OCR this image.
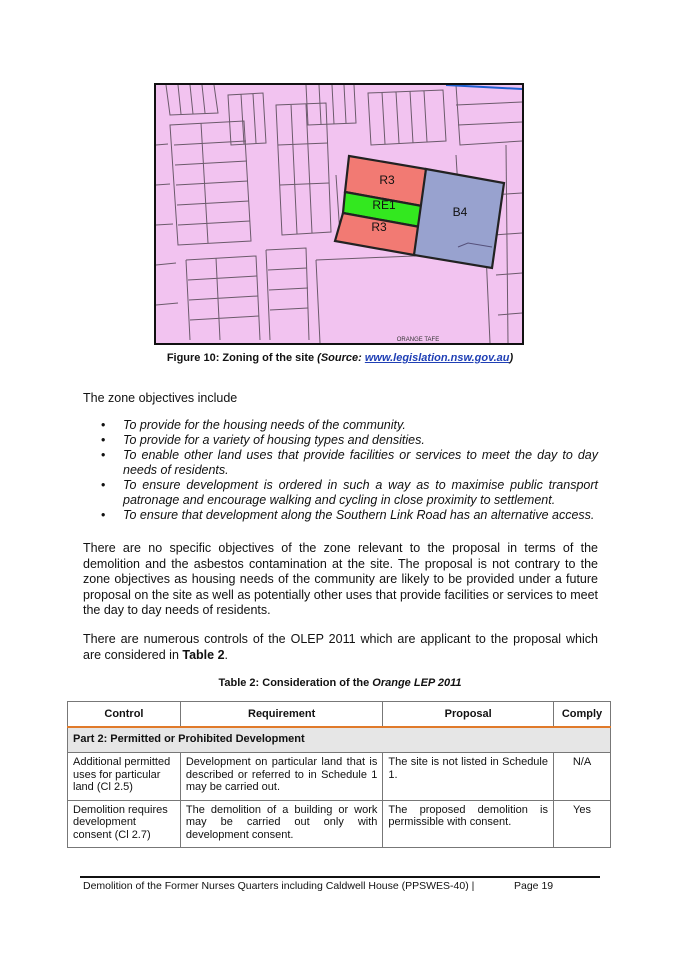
R3
RE1
R3
B4
ORANGE TAFE
Figure 10: Zoning of the site (Source: www.legislation.nsw.gov.au)
The zone objectives include
• To provide for the housing needs of the community.
• To provide for a variety of housing types and densities.
• To enable other land uses that provide facilities or services to meet the day to day needs of residents.
• To ensure development is ordered in such a way as to maximise public transport patronage and encourage walking and cycling in close proximity to settlement.
• To ensure that development along the Southern Link Road has an alternative access.
There are no specific objectives of the zone relevant to the proposal in terms of the demolition and the asbestos contamination at the site. The proposal is not contrary to the zone objectives as housing needs of the community are likely to be provided under a future proposal on the site as well as potentially other uses that provide facilities or services to meet the day to day needs of residents.
There are numerous controls of the OLEP 2011 which are applicant to the proposal which are considered in Table 2.
Table 2: Consideration of the Orange LEP 2011
Control	Requirement	Proposal	Comply
Part 2: Permitted or Prohibited Development			
Additional permitted uses for particular land (Cl 2.5)	Development on particular land that is described or referred to in Schedule 1 may be carried out.	The site is not listed in Schedule 1.	N/A
Demolition requires development consent (Cl 2.7)	The demolition of a building or work may be carried out only with development consent.	The proposed demolition is permissible with consent.	Yes
Demolition of the Former Nurses Quarters including Caldwell House (PPSWES-40) |	Page 19
